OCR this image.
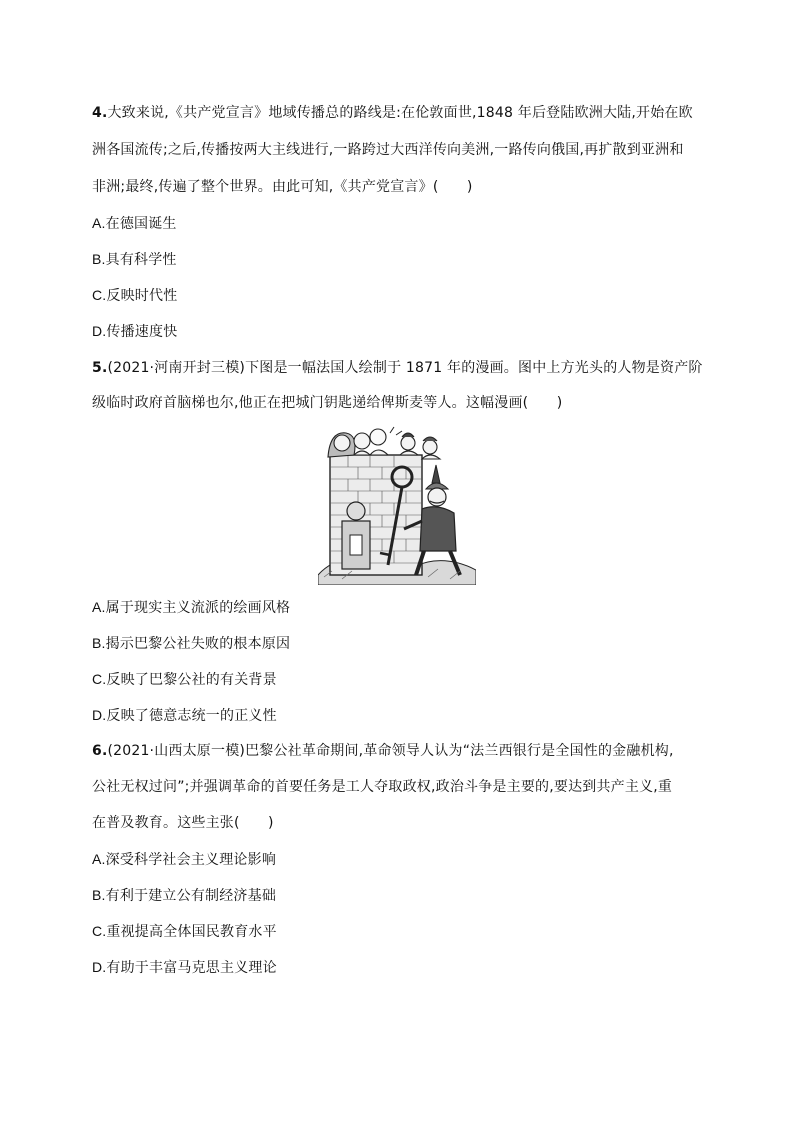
4.大致来说,《共产党宣言》地域传播总的路线是:在伦敦面世,1848 年后登陆欧洲大陆,开始在欧
洲各国流传;之后,传播按两大主线进行,一路跨过大西洋传向美洲,一路传向俄国,再扩散到亚洲和
非洲;最终,传遍了整个世界。由此可知,《共产党宣言》(　　)
A.在德国诞生
B.具有科学性
C.反映时代性
D.传播速度快
5.(2021·河南开封三模)下图是一幅法国人绘制于 1871 年的漫画。图中上方光头的人物是资产阶
级临时政府首脑梯也尔,他正在把城门钥匙递给俾斯麦等人。这幅漫画(　　)
A.属于现实主义流派的绘画风格
B.揭示巴黎公社失败的根本原因
C.反映了巴黎公社的有关背景
D.反映了德意志统一的正义性
6.(2021·山西太原一模)巴黎公社革命期间,革命领导人认为“法兰西银行是全国性的金融机构,
公社无权过问”;并强调革命的首要任务是工人夺取政权,政治斗争是主要的,要达到共产主义,重
在普及教育。这些主张(　　)
A.深受科学社会主义理论影响
B.有利于建立公有制经济基础
C.重视提高全体国民教育水平
D.有助于丰富马克思主义理论
